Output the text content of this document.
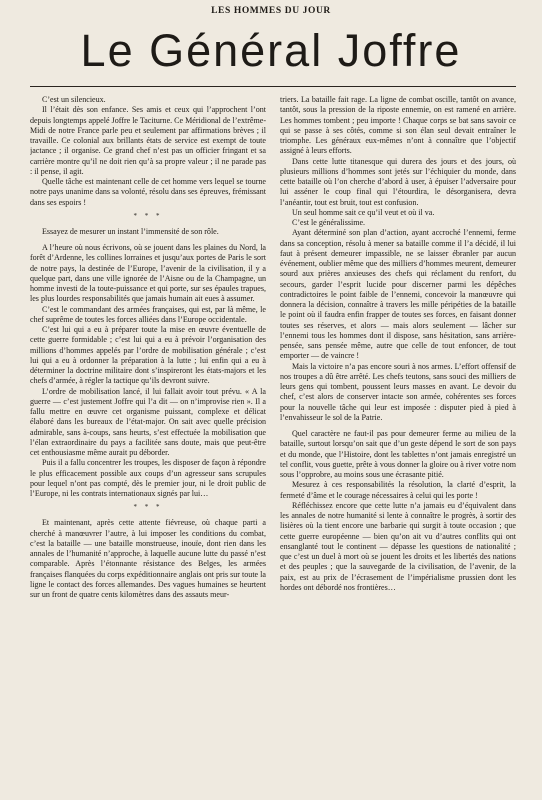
LES HOMMES DU JOUR
Le Général Joffre

C’est un silencieux.

Il l’était dès son enfance. Ses amis et ceux qui l’approchent l’ont depuis longtemps appelé Joffre le Taciturne. Ce Méridional de l’extrême-Midi de notre France parle peu et seulement par affirmations brèves ; il travaille. Ce colonial aux brillants états de service est exempt de toute jactance ; il organise. Ce grand chef n’est pas un officier fringant et sa carrière montre qu’il ne doit rien qu’à sa propre valeur ; il ne parade pas : il pense, il agit.

Quelle tâche est maintenant celle de cet homme vers lequel se tourne notre pays unanime dans sa volonté, résolu dans ses épreuves, frémissant dans ses espoirs !

* * *

Essayez de mesurer un instant l’immensité de son rôle.

A l’heure où nous écrivons, où se jouent dans les plaines du Nord, la forêt d’Ardenne, les collines lorraines et jusqu’aux portes de Paris le sort de notre pays, la destinée de l’Europe, l’avenir de la civilisation, il y a quelque part, dans une ville ignorée de l’Aisne ou de la Champagne, un homme investi de la toute-puissance et qui porte, sur ses épaules trapues, les plus lourdes responsabilités que jamais humain ait eues à assumer.

C’est le commandant des armées françaises, qui est, par là même, le chef suprême de toutes les forces alliées dans l’Europe occidentale.

C’est lui qui a eu à préparer toute la mise en œuvre éventuelle de cette guerre formidable ; c’est lui qui a eu à prévoir l’organisation des millions d’hommes appelés par l’ordre de mobilisation générale ; c’est lui qui a eu à ordonner la préparation à la lutte ; lui enfin qui a eu à déterminer la doctrine militaire dont s’inspireront les états-majors et les chefs d’armée, à régler la tactique qu’ils devront suivre.

L’ordre de mobilisation lancé, il lui fallait avoir tout prévu. « A la guerre — c’est justement Joffre qui l’a dit — on n’improvise rien ». Il a fallu mettre en œuvre cet organisme puissant, complexe et délicat élaboré dans les bureaux de l’état-major. On sait avec quelle précision admirable, sans à-coups, sans heurts, s’est effectuée la mobilisation que l’élan extraordinaire du pays a facilitée sans doute, mais que peut-être cet enthousiasme même aurait pu déborder.

Puis il a fallu concentrer les troupes, les disposer de façon à répondre le plus efficacement possible aux coups d’un agresseur sans scrupules pour lequel n’ont pas compté, dès le premier jour, ni le droit public de l’Europe, ni les contrats internationaux signés par lui…

* * *

Et maintenant, après cette attente fiévreuse, où chaque parti a cherché à manœuvrer l’autre, à lui imposer les conditions du combat, c’est la bataille — une bataille monstrueuse, inouïe, dont rien dans les annales de l’humanité n’approche, à laquelle aucune lutte du passé n’est comparable. Après l’étonnante résistance des Belges, les armées françaises flanquées du corps expéditionnaire anglais ont pris sur toute la ligne le contact des forces allemandes. Des vagues humaines se heurtent sur un front de quatre cents kilomètres dans des assauts meur-

triers. La bataille fait rage. La ligne de combat oscille, tantôt on avance, tantôt, sous la pression de la riposte ennemie, on est ramené en arrière. Les hommes tombent ; peu importe ! Chaque corps se bat sans savoir ce qui se passe à ses côtés, comme si son élan seul devait entraîner le triomphe. Les généraux eux-mêmes n’ont à connaître que l’objectif assigné à leurs efforts.

Dans cette lutte titanesque qui durera des jours et des jours, où plusieurs millions d’hommes sont jetés sur l’échiquier du monde, dans cette bataille où l’on cherche d’abord à user, à épuiser l’adversaire pour lui asséner le coup final qui l’étourdira, le désorganisera, devra l’anéantir, tout est bruit, tout est confusion.

Un seul homme sait ce qu’il veut et où il va.

C’est le généralissime.

Ayant déterminé son plan d’action, ayant accroché l’ennemi, ferme dans sa conception, résolu à mener sa bataille comme il l’a décidé, il lui faut à présent demeurer impassible, ne se laisser ébranler par aucun événement, oublier même que des milliers d’hommes meurent, demeurer sourd aux prières anxieuses des chefs qui réclament du renfort, du secours, garder l’esprit lucide pour discerner parmi les dépêches contradictoires le point faible de l’ennemi, concevoir la manœuvre qui donnera la décision, connaître à travers les mille péripéties de la bataille le point où il faudra enfin frapper de toutes ses forces, en faisant donner toutes ses réserves, et alors — mais alors seulement — lâcher sur l’ennemi tous les hommes dont il dispose, sans hésitation, sans arrière-pensée, sans pensée même, autre que celle de tout enfoncer, de tout emporter — de vaincre !

Mais la victoire n’a pas encore souri à nos armes. L’effort offensif de nos troupes a dû être arrêté. Les chefs teutons, sans souci des milliers de leurs gens qui tombent, poussent leurs masses en avant. Le devoir du chef, c’est alors de conserver intacte son armée, cohérentes ses forces pour la nouvelle tâche qui leur est imposée : disputer pied à pied à l’envahisseur le sol de la Patrie.

Quel caractère ne faut-il pas pour demeurer ferme au milieu de la bataille, surtout lorsqu’on sait que d’un geste dépend le sort de son pays et du monde, que l’Histoire, dont les tablettes n’ont jamais enregistré un tel conflit, vous guette, prête à vous donner la gloire ou à river votre nom sous l’opprobre, au moins sous une écrasante pitié.

Mesurez à ces responsabilités la résolution, la clarté d’esprit, la fermeté d’âme et le courage nécessaires à celui qui les porte !

Réfléchissez encore que cette lutte n’a jamais eu d’équivalent dans les annales de notre humanité si lente à connaître le progrès, à sortir des lisières où la tient encore une barbarie qui surgit à toute occasion ; que cette guerre européenne — bien qu’on ait vu d’autres conflits qui ont ensanglanté tout le continent — dépasse les questions de nationalité ; que c’est un duel à mort où se jouent les droits et les libertés des nations et des peuples ; que la sauvegarde de la civilisation, de l’avenir, de la paix, est au prix de l’écrasement de l’impérialisme prussien dont les hordes ont débordé nos frontières…
